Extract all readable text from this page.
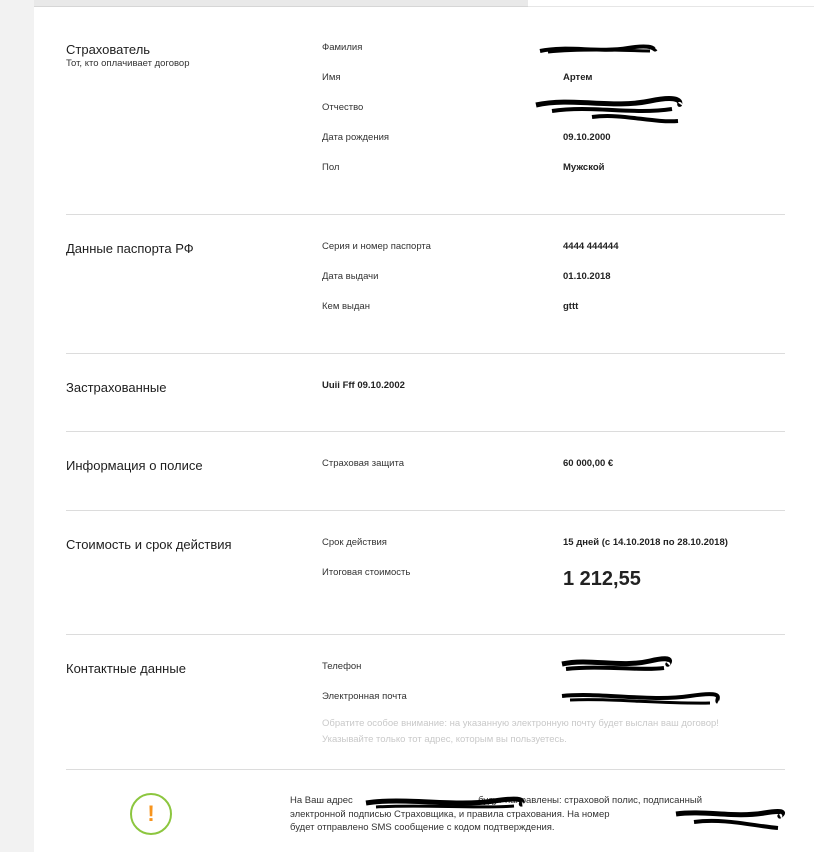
Страхователь
Тот, кто оплачивает договор
Фамилия
Имя	Артем
Отчество
Дата рождения	09.10.2000
Пол	Мужской
Данные паспорта РФ	Серия и номер паспорта	4444 444444
Дата выдачи	01.10.2018
Кем выдан	gttt
Застрахованные	Uuii Fff 09.10.2002
Информация о полисе	Страховая защита	60 000,00 €
Стоимость и срок действия	Срок действия	15 дней (с 14.10.2018 по 28.10.2018)
Итоговая стоимость	1 212,55
Контактные данные	Телефон
Электронная почта
Обратите особое внимание: на указанную электронную почту будет выслан ваш договор!
Указывайте только тот адрес, которым вы пользуетесь.
!
На Ваш адрес	будут направлены: страховой полис, подписанный
электронной подписью Страховщика, и правила страхования. На номер
будет отправлено SMS сообщение с кодом подтверждения.
